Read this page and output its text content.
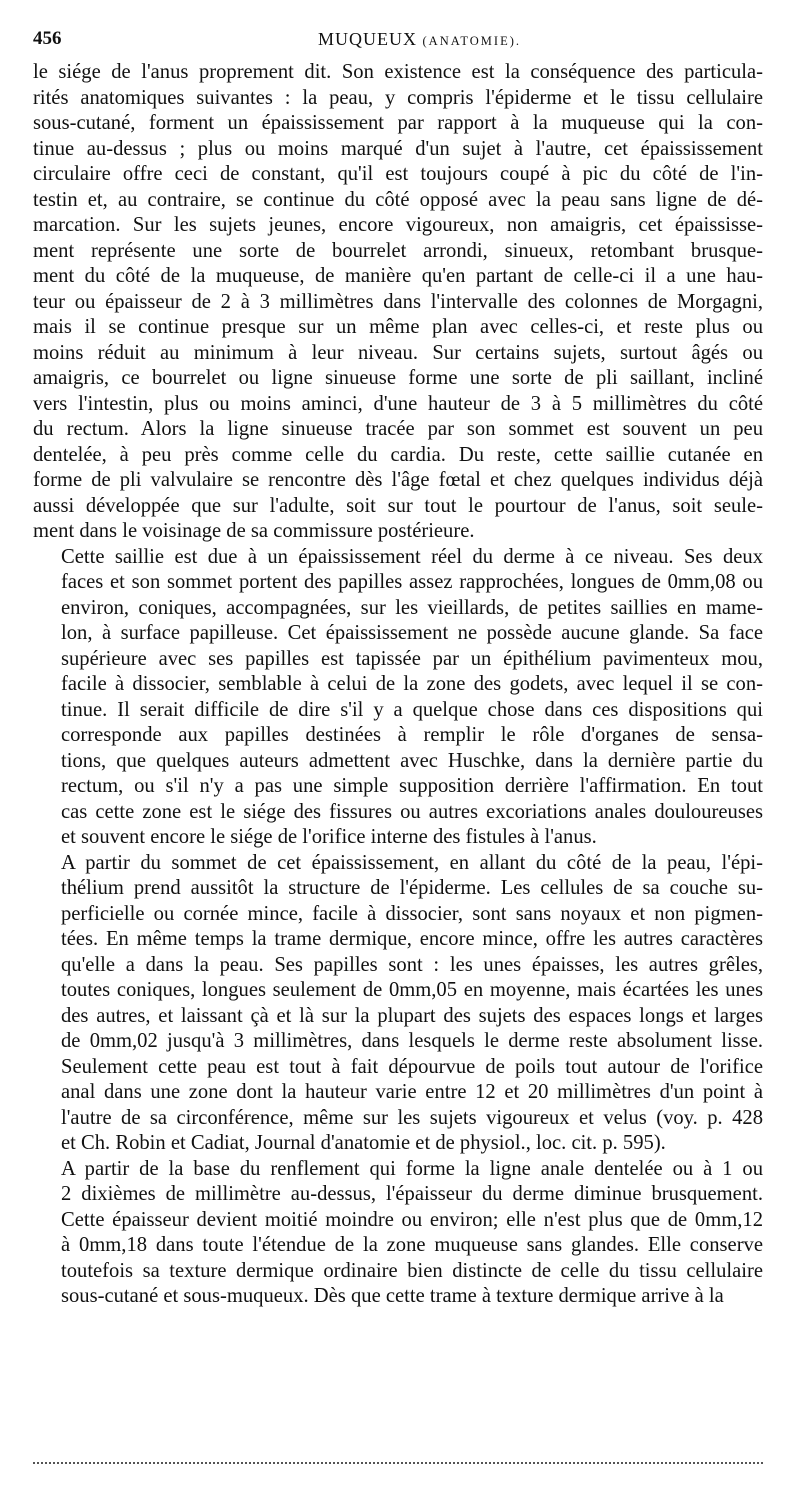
456	MUQUEUX (ANATOMIE).
le siége de l'anus proprement dit. Son existence est la conséquence des particula-
rités anatomiques suivantes : la peau, y compris l'épiderme et le tissu cellulaire
sous-cutané, forment un épaississement par rapport à la muqueuse qui la con-
tinue au-dessus ; plus ou moins marqué d'un sujet à l'autre, cet épaississement
circulaire offre ceci de constant, qu'il est toujours coupé à pic du côté de l'in-
testin et, au contraire, se continue du côté opposé avec la peau sans ligne de dé-
marcation. Sur les sujets jeunes, encore vigoureux, non amaigris, cet épaississe-
ment représente une sorte de bourrelet arrondi, sinueux, retombant brusque-
ment du côté de la muqueuse, de manière qu'en partant de celle-ci il a une hau-
teur ou épaisseur de 2 à 3 millimètres dans l'intervalle des colonnes de Morgagni,
mais il se continue presque sur un même plan avec celles-ci, et reste plus ou
moins réduit au minimum à leur niveau. Sur certains sujets, surtout âgés ou
amaigris, ce bourrelet ou ligne sinueuse forme une sorte de pli saillant, incliné
vers l'intestin, plus ou moins aminci, d'une hauteur de 3 à 5 millimètres du côté
du rectum. Alors la ligne sinueuse tracée par son sommet est souvent un peu
dentelée, à peu près comme celle du cardia. Du reste, cette saillie cutanée en
forme de pli valvulaire se rencontre dès l'âge fœtal et chez quelques individus déjà
aussi développée que sur l'adulte, soit sur tout le pourtour de l'anus, soit seule-
ment dans le voisinage de sa commissure postérieure.
Cette saillie est due à un épaississement réel du derme à ce niveau. Ses deux
faces et son sommet portent des papilles assez rapprochées, longues de 0mm,08 ou
environ, coniques, accompagnées, sur les vieillards, de petites saillies en mame-
lon, à surface papilleuse. Cet épaississement ne possède aucune glande. Sa face
supérieure avec ses papilles est tapissée par un épithélium pavimenteux mou,
facile à dissocier, semblable à celui de la zone des godets, avec lequel il se con-
tinue. Il serait difficile de dire s'il y a quelque chose dans ces dispositions qui
corresponde aux papilles destinées à remplir le rôle d'organes de sensa-
tions, que quelques auteurs admettent avec Huschke, dans la dernière partie du
rectum, ou s'il n'y a pas une simple supposition derrière l'affirmation. En tout
cas cette zone est le siége des fissures ou autres excoriations anales douloureuses
et souvent encore le siége de l'orifice interne des fistules à l'anus.
A partir du sommet de cet épaississement, en allant du côté de la peau, l'épi-
thélium prend aussitôt la structure de l'épiderme. Les cellules de sa couche su-
perficielle ou cornée mince, facile à dissocier, sont sans noyaux et non pigmen-
tées. En même temps la trame dermique, encore mince, offre les autres caractères
qu'elle a dans la peau. Ses papilles sont : les unes épaisses, les autres grêles,
toutes coniques, longues seulement de 0mm,05 en moyenne, mais écartées les unes
des autres, et laissant çà et là sur la plupart des sujets des espaces longs et larges
de 0mm,02 jusqu'à 3 millimètres, dans lesquels le derme reste absolument lisse.
Seulement cette peau est tout à fait dépourvue de poils tout autour de l'orifice
anal dans une zone dont la hauteur varie entre 12 et 20 millimètres d'un point à
l'autre de sa circonférence, même sur les sujets vigoureux et velus (voy. p. 428
et Ch. Robin et Cadiat, Journal d'anatomie et de physiol., loc. cit. p. 595).
A partir de la base du renflement qui forme la ligne anale dentelée ou à 1 ou
2 dixièmes de millimètre au-dessus, l'épaisseur du derme diminue brusquement.
Cette épaisseur devient moitié moindre ou environ; elle n'est plus que de 0mm,12
à 0mm,18 dans toute l'étendue de la zone muqueuse sans glandes. Elle conserve
toutefois sa texture dermique ordinaire bien distincte de celle du tissu cellulaire
sous-cutané et sous-muqueux. Dès que cette trame à texture dermique arrive à la
